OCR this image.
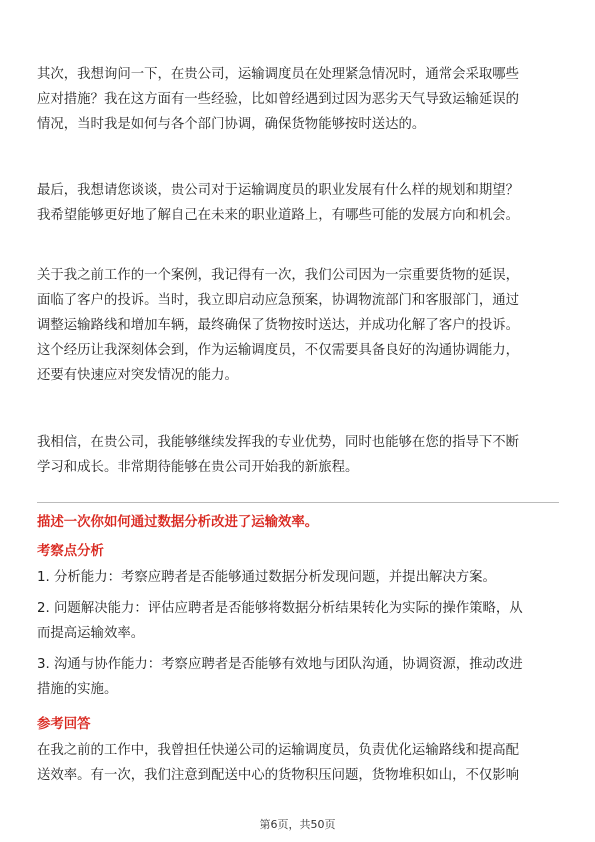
其次，我想询问一下，在贵公司，运输调度员在处理紧急情况时，通常会采取哪些
应对措施？我在这方面有一些经验，比如曾经遇到过因为恶劣天气导致运输延误的
情况，当时我是如何与各个部门协调，确保货物能够按时送达的。

最后，我想请您谈谈，贵公司对于运输调度员的职业发展有什么样的规划和期望？
我希望能够更好地了解自己在未来的职业道路上，有哪些可能的发展方向和机会。

关于我之前工作的一个案例，我记得有一次，我们公司因为一宗重要货物的延误，
面临了客户的投诉。当时，我立即启动应急预案，协调物流部门和客服部门，通过
调整运输路线和增加车辆，最终确保了货物按时送达，并成功化解了客户的投诉。
这个经历让我深刻体会到，作为运输调度员，不仅需要具备良好的沟通协调能力，
还要有快速应对突发情况的能力。

我相信，在贵公司，我能够继续发挥我的专业优势，同时也能够在您的指导下不断
学习和成长。非常期待能够在贵公司开始我的新旅程。

描述一次你如何通过数据分析改进了运输效率。

考察点分析

1. 分析能力：考察应聘者是否能够通过数据分析发现问题，并提出解决方案。

2. 问题解决能力：评估应聘者是否能够将数据分析结果转化为实际的操作策略，从
而提高运输效率。

3. 沟通与协作能力：考察应聘者是否能够有效地与团队沟通，协调资源，推动改进
措施的实施。

参考回答

在我之前的工作中，我曾担任快递公司的运输调度员，负责优化运输路线和提高配
送效率。有一次，我们注意到配送中心的货物积压问题，货物堆积如山，不仅影响

第6页，共50页
